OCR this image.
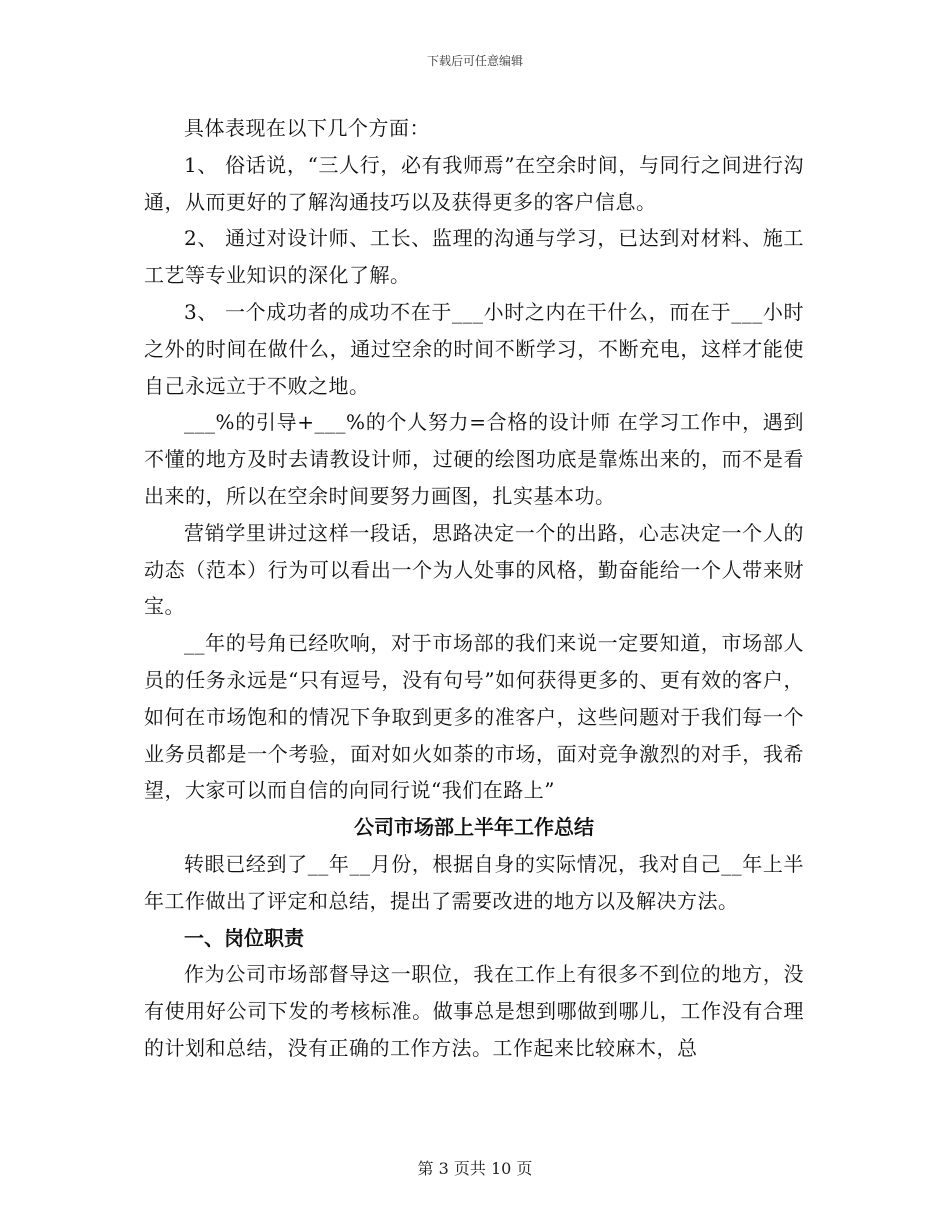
下载后可任意编辑

具体表现在以下几个方面：

1、 俗话说，“三人行，必有我师焉”在空余时间，与同行之间进行沟通，从而更好的了解沟通技巧以及获得更多的客户信息。

2、 通过对设计师、工长、监理的沟通与学习，已达到对材料、施工工艺等专业知识的深化了解。

3、 一个成功者的成功不在于___小时之内在干什么，而在于___小时之外的时间在做什么，通过空余的时间不断学习，不断充电，这样才能使自己永远立于不败之地。

___%的引导+___%的个人努力=合格的设计师 在学习工作中，遇到不懂的地方及时去请教设计师，过硬的绘图功底是靠炼出来的，而不是看出来的，所以在空余时间要努力画图，扎实基本功。

营销学里讲过这样一段话，思路决定一个的出路，心志决定一个人的动态（范本）行为可以看出一个为人处事的风格，勤奋能给一个人带来财宝。

__年的号角已经吹响，对于市场部的我们来说一定要知道，市场部人员的任务永远是“只有逗号，没有句号”如何获得更多的、更有效的客户，如何在市场饱和的情况下争取到更多的准客户，这些问题对于我们每一个业务员都是一个考验，面对如火如荼的市场，面对竞争激烈的对手，我希望，大家可以而自信的向同行说“我们在路上”

公司市场部上半年工作总结

转眼已经到了__年__月份，根据自身的实际情况，我对自己__年上半年工作做出了评定和总结，提出了需要改进的地方以及解决方法。

一、岗位职责

作为公司市场部督导这一职位，我在工作上有很多不到位的地方，没有使用好公司下发的考核标准。做事总是想到哪做到哪儿，工作没有合理的计划和总结，没有正确的工作方法。工作起来比较麻木，总

第 3 页共 10 页
